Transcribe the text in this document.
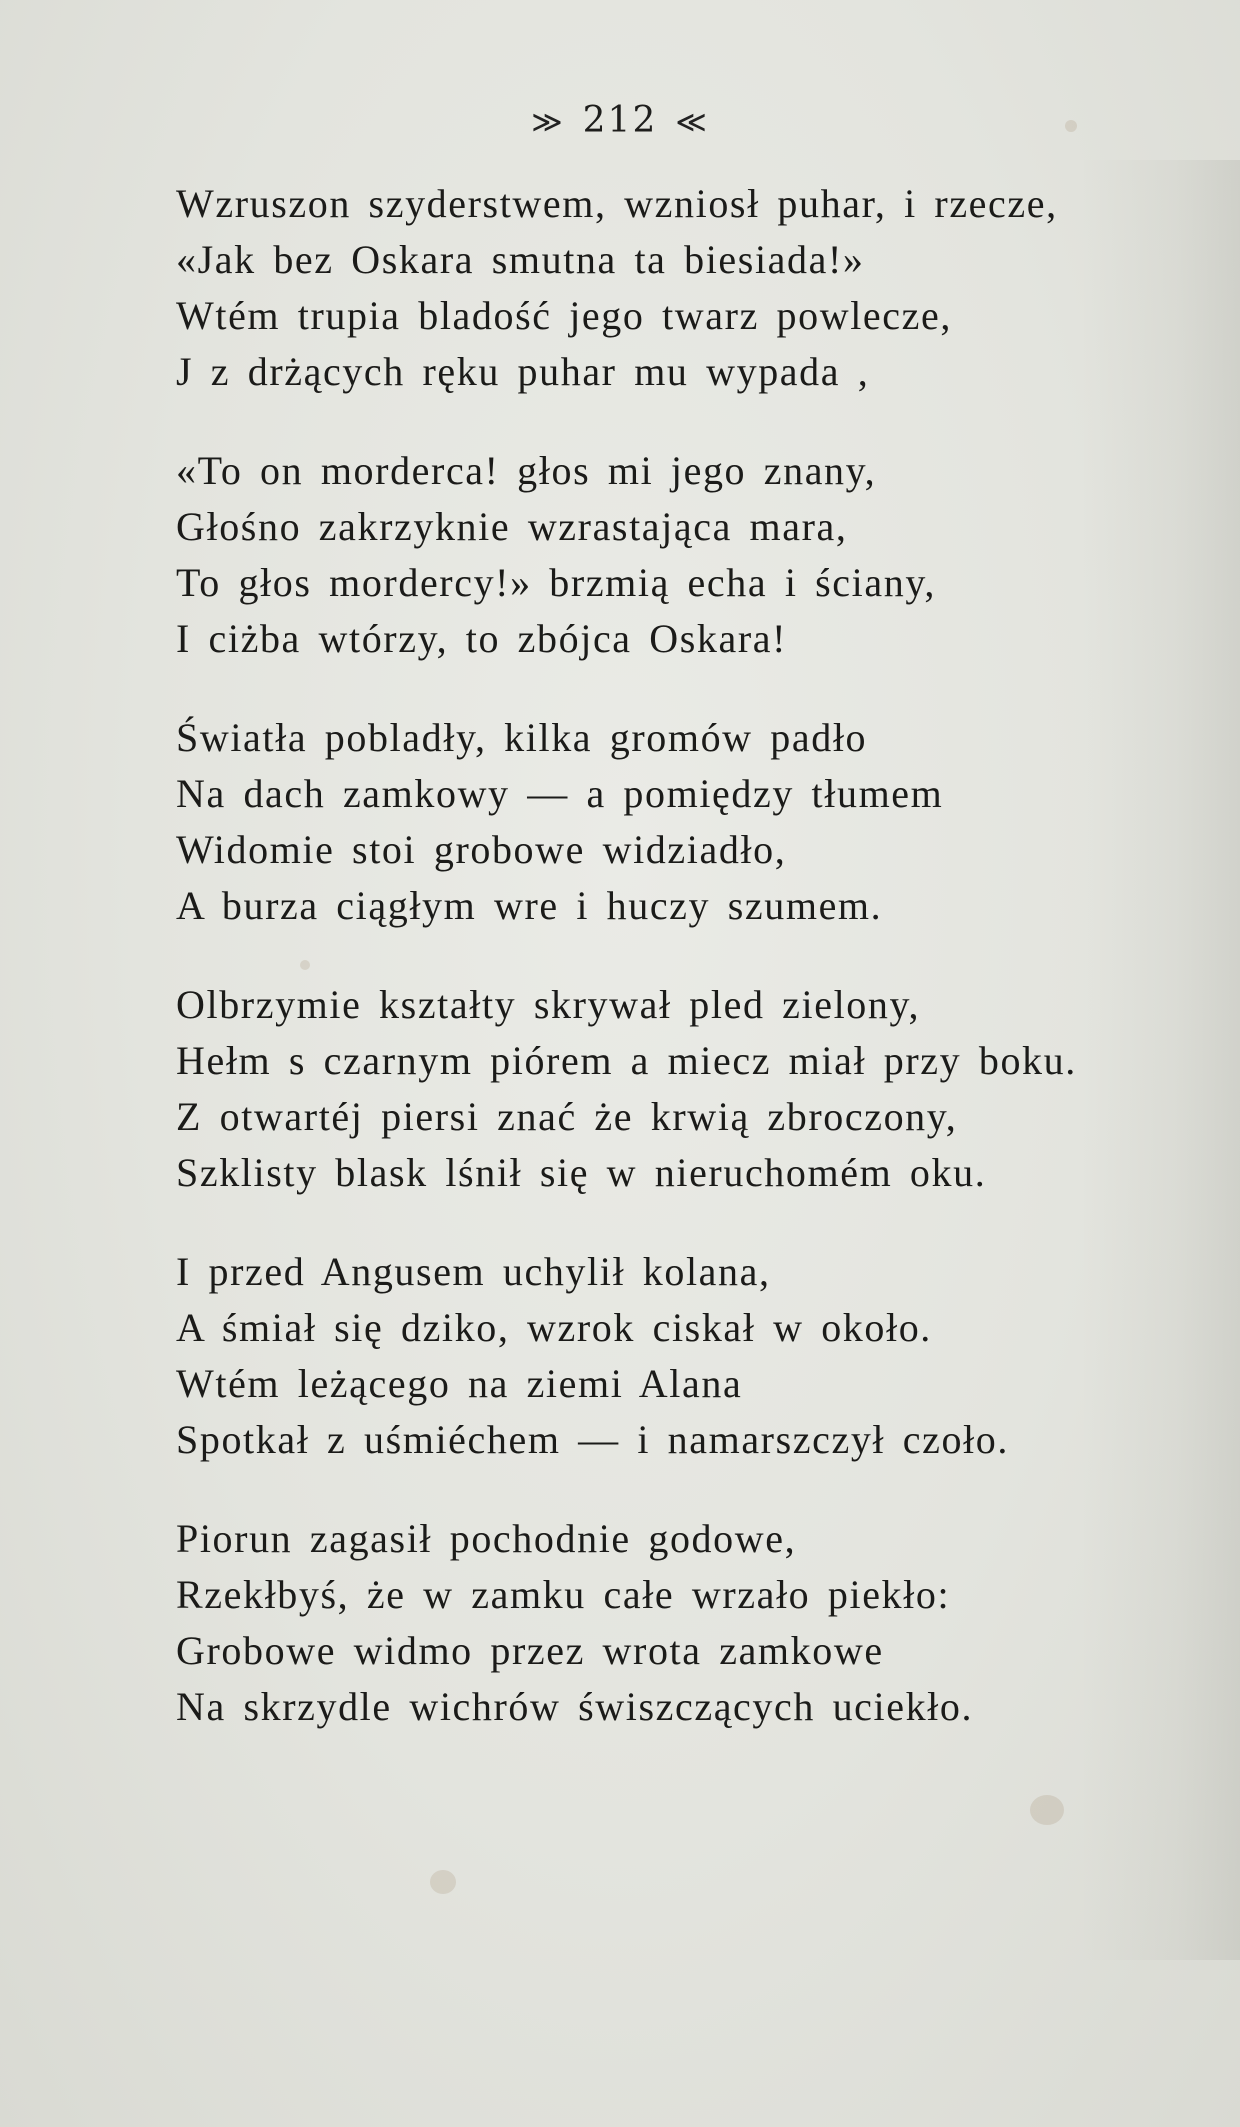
≫ 212 ≪
Wzruszon szyderstwem, wzniosł puhar, i rzecze,
«Jak bez Oskara smutna ta biesiada!»
Wtém trupia bladość jego twarz powlecze,
J z drżących ręku puhar mu wypada ,
«To on morderca! głos mi jego znany,
Głośno zakrzyknie wzrastająca mara,
To głos mordercy!» brzmią echa i ściany,
I ciżba wtórzy, to zbójca Oskara!
Światła pobladły, kilka gromów padło
Na dach zamkowy — a pomiędzy tłumem
Widomie stoi grobowe widziadło,
A burza ciągłym wre i huczy szumem.
Olbrzymie kształty skrywał pled zielony,
Hełm s czarnym piórem a miecz miał przy boku.
Z otwartéj piersi znać że krwią zbroczony,
Szklisty blask lśnił się w nieruchomém oku.
I przed Angusem uchylił kolana,
A śmiał się dziko, wzrok ciskał w około.
Wtém leżącego na ziemi Alana
Spotkał z uśmiéchem — i namarszczył czoło.
Piorun zagasił pochodnie godowe,
Rzekłbyś, że w zamku całe wrzało piekło:
Grobowe widmo przez wrota zamkowe
Na skrzydle wichrów świszczących uciekło.
